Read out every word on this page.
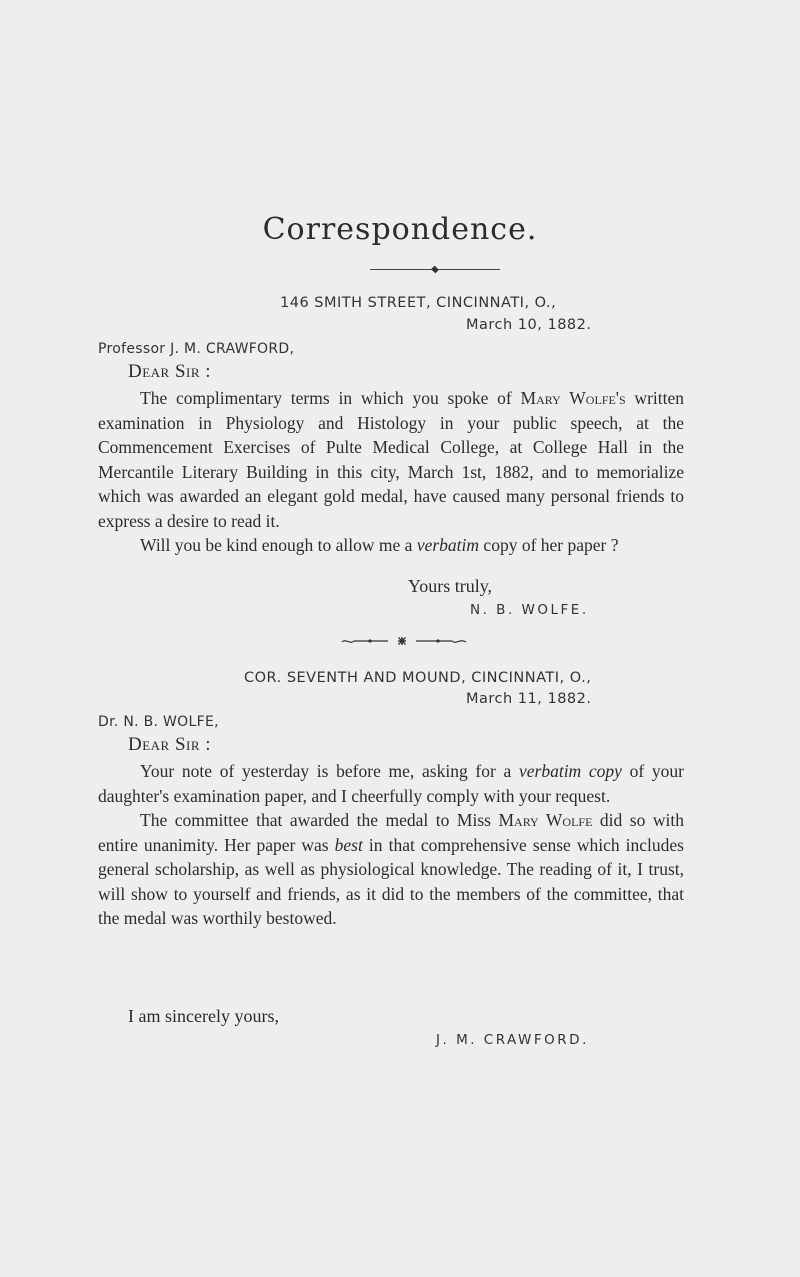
Correspondence.
146 SMITH STREET, CINCINNATI, O.,
March 10, 1882.
Professor J. M. CRAWFORD,
Dear Sir :

The complimentary terms in which you spoke of Mary Wolfe's written examination in Physiology and Histology in your public speech, at the Commencement Exercises of Pulte Medical College, at College Hall in the Mercantile Literary Building in this city, March 1st, 1882, and to memorialize which was awarded an elegant gold medal, have caused many personal friends to express a desire to read it.

Will you be kind enough to allow me a verbatim copy of her paper ?

Yours truly,
N. B. WOLFE.
COR. SEVENTH AND MOUND, CINCINNATI, O.,
March 11, 1882.
Dr. N. B. WOLFE,
Dear Sir :

Your note of yesterday is before me, asking for a verbatim copy of your daughter's examination paper, and I cheerfully comply with your request.

The committee that awarded the medal to Miss Mary Wolfe did so with entire unanimity. Her paper was best in that comprehensive sense which includes general scholarship, as well as physiological knowledge. The reading of it, I trust, will show to yourself and friends, as it did to the members of the committee, that the medal was worthily bestowed.

I am sincerely yours,
J. M. CRAWFORD.
